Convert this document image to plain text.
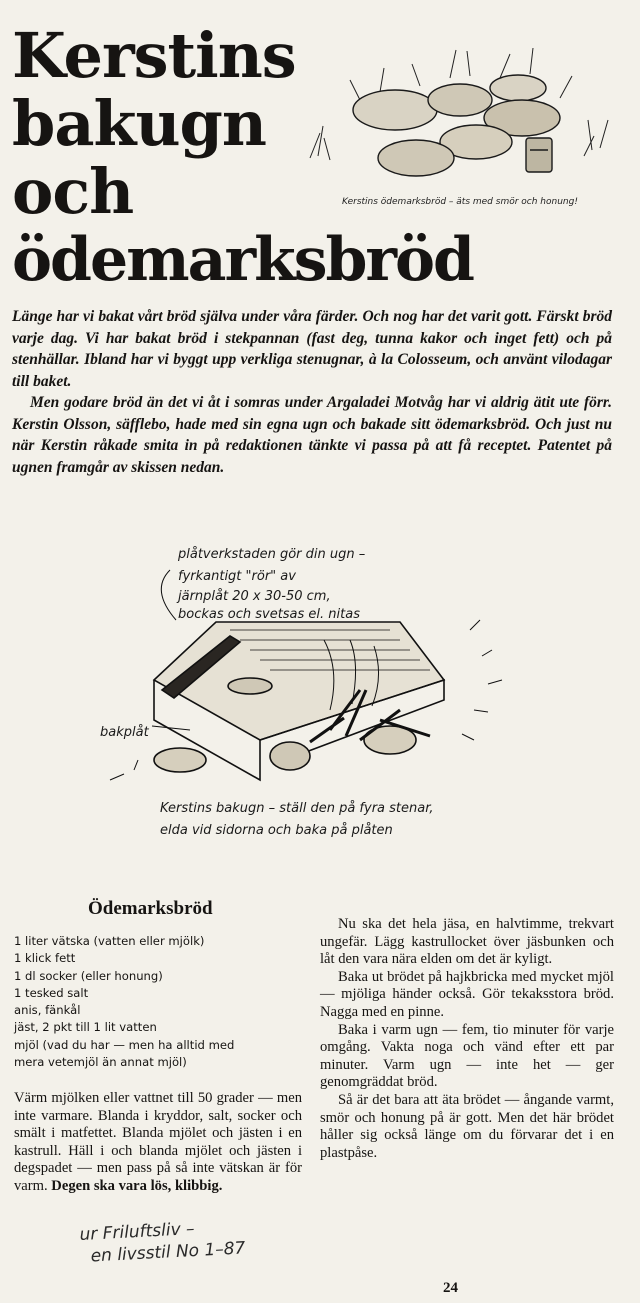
Kerstins
bakugn
och
ödemarksbröd
Kerstins ödemarksbröd – äts med smör och honung!

Länge har vi bakat vårt bröd själva under våra färder. Och nog har det varit gott. Färskt bröd varje dag. Vi har bakat bröd i stekpannan (fast deg, tunna kakor och inget fett) och på stenhällar. Ibland har vi byggt upp verkliga stenugnar, à la Colosseum, och använt vilodagar till baket.

Men godare bröd än det vi åt i somras under Argaladei Motvåg har vi aldrig ätit ute förr. Kerstin Olsson, säfflebo, hade med sin egna ugn och bakade sitt ödemarksbröd. Och just nu när Kerstin råkade smita in på redaktionen tänkte vi passa på att få receptet. Patentet på ugnen framgår av skissen nedan.

plåtverkstaden gör din ugn –
fyrkantigt "rör" av
järnplåt 20 x 30-50 cm,
bockas och svetsas el. nitas
bakplåt
Kerstins bakugn – ställ den på fyra stenar,
elda vid sidorna och baka på plåten
Ödemarksbröd
1 liter vätska (vatten eller mjölk)
1 klick fett
1 dl socker (eller honung)
1 tesked salt
anis, fänkål
jäst, 2 pkt till 1 lit vatten
mjöl (vad du har — men ha alltid med
mera vetemjöl än annat mjöl)

Värm mjölken eller vattnet till 50 grader — men inte varmare. Blanda i kryddor, salt, socker och smält i matfettet. Blanda mjölet och jästen i en kastrull. Häll i och blanda mjölet och jästen i degspadet — men pass på så inte vätskan är för varm. Degen ska vara lös, klibbig.

Nu ska det hela jäsa, en halvtimme, trekvart ungefär. Lägg kastrullocket över jäsbunken och låt den vara nära elden om det är kyligt.

Baka ut brödet på hajkbricka med mycket mjöl — mjöliga händer också. Gör tekaksstora bröd. Nagga med en pinne.

Baka i varm ugn — fem, tio minuter för varje omgång. Vakta noga och vänd efter ett par minuter. Varm ugn — inte het — ger genomgräddat bröd.

Så är det bara att äta brödet — ångande varmt, smör och honung på är gott. Men det här brödet håller sig också länge om du förvarar det i en plastpåse.

ur Friluftsliv –
en livsstil No 1–87
24
